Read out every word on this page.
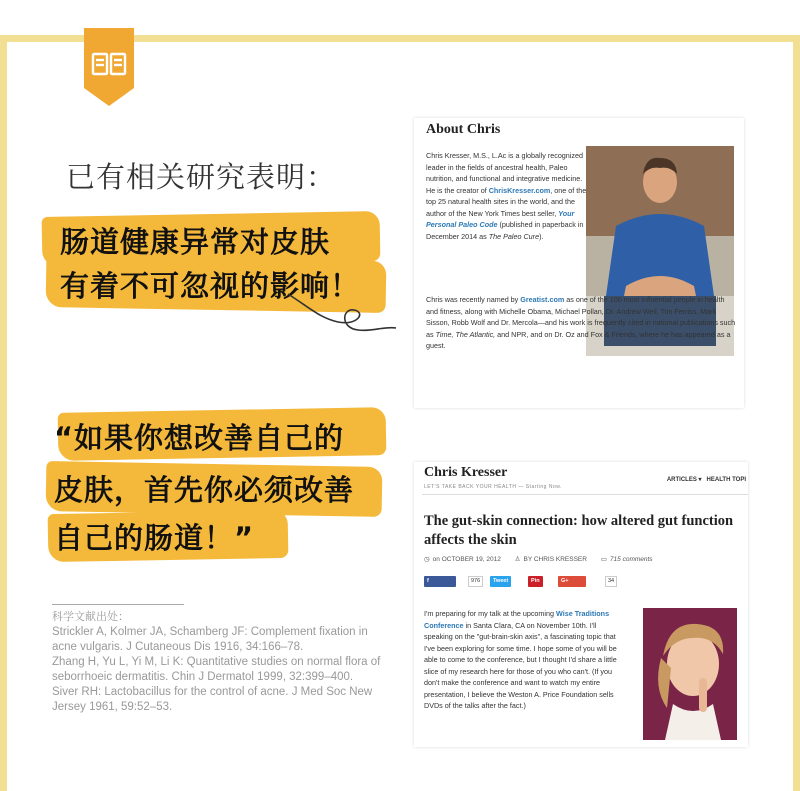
已有相关研究表明：
肠道健康异常对皮肤
有着不可忽视的影响！
“如果你想改善自己的
皮肤，首先你必须改善
自己的肠道！”
科学文献出处：
Strickler A, Kolmer JA, Schamberg JF: Complement fixation in acne vulgaris. J Cutaneous Dis 1916, 34:166–78.
Zhang H, Yu L, Yi M, Li K: Quantitative studies on normal flora of seborrhoeic dermatitis. Chin J Dermatol 1999, 32:399–400.
Siver RH: Lactobacillus for the control of acne. J Med Soc New Jersey 1961, 59:52–53.
About Chris
Chris Kresser, M.S., L.Ac is a globally recognized leader in the fields of ancestral health, Paleo nutrition, and functional and integrative medicine. He is the creator of ChrisKresser.com, one of the top 25 natural health sites in the world, and the author of the New York Times best seller, Your Personal Paleo Code (published in paperback in December 2014 as The Paleo Cure).
Chris was recently named by Greatist.com as one of the 100 most influential people in health and fitness, along with Michelle Obama, Michael Pollan, Dr. Andrew Weil, Tim Ferriss, Mark Sisson, Robb Wolf and Dr. Mercola—and his work is frequently cited in national publications such as Time, The Atlantic, and NPR, and on Dr. Oz and Fox & Friends, where he has appeared as a guest.
Chris Kresser
LET'S TAKE BACK YOUR HEALTH — Starting Now.
ARTICLES ▾ HEALTH TOPI
The gut-skin connection: how altered gut function affects the skin
◷ on OCTOBER 19, 2012 ♙ BY CHRIS KRESSER ▭ 715 comments
f Facebook
976	Tweet	Pin	G+ Google+
34
I'm preparing for my talk at the upcoming Wise Traditions Conference in Santa Clara, CA on November 10th. I'll speaking on the "gut-brain-skin axis", a fascinating topic that I've been exploring for some time. I hope some of you will be able to come to the conference, but I thought I'd share a little slice of my research here for those of you who can't. (If you don't make the conference and want to watch my entire presentation, I believe the Weston A. Price Foundation sells DVDs of the talks after the fact.)
